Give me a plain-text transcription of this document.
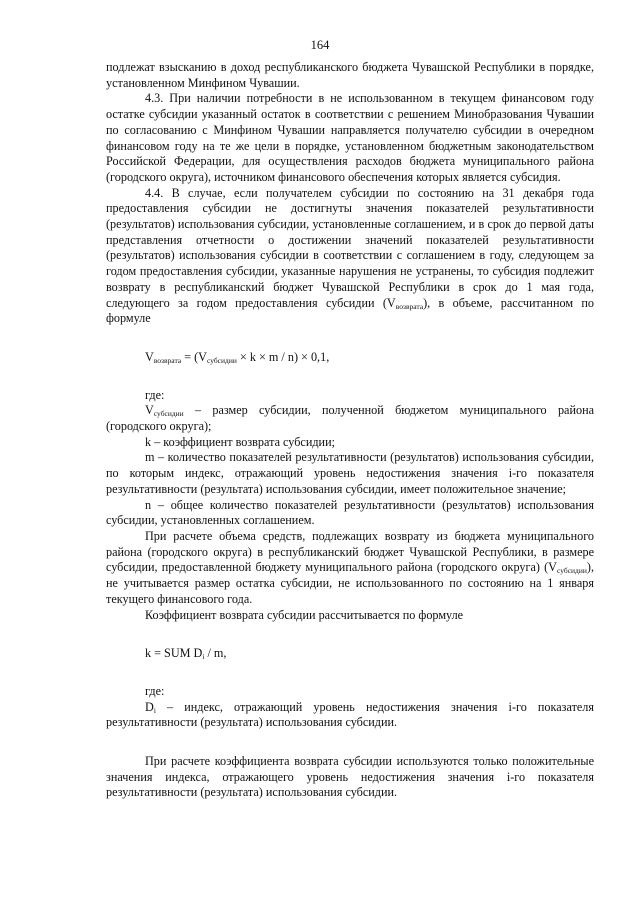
164

подлежат взысканию в доход республиканского бюджета Чувашской Республики в порядке, установленном Минфином Чувашии.

4.3. При наличии потребности в не использованном в текущем финансовом году остатке субсидии указанный остаток в соответствии с решением Минобразования Чувашии по согласованию с Минфином Чувашии направляется получателю субсидии в очередном финансовом году на те же цели в порядке, установленном бюджетным законодательством Российской Федерации, для осуществления расходов бюджета муниципального района (городского округа), источником финансового обеспечения которых является субсидия.

4.4. В случае, если получателем субсидии по состоянию на 31 декабря года предоставления субсидии не достигнуты значения показателей результативности (результатов) использования субсидии, установленные соглашением, и в срок до первой даты представления отчетности о достижении значений показателей результативности (результатов) использования субсидии в соответствии с соглашением в году, следующем за годом предоставления субсидии, указанные нарушения не устранены, то субсидия подлежит возврату в республиканский бюджет Чувашской Республики в срок до 1 мая года, следующего за годом предоставления субсидии $(V_{возврата})$, в объеме, рассчитанном по формуле

$V_{возврата} = (V_{субсидии} \times k \times m / n) \times 0,1$,

где:

$V_{субсидии}$ – размер субсидии, полученной бюджетом муниципального района (городского округа);

k – коэффициент возврата субсидии;

m – количество показателей результативности (результатов) использования субсидии, по которым индекс, отражающий уровень недостижения значения i-го показателя результативности (результата) использования субсидии, имеет положительное значение;

n – общее количество показателей результативности (результатов) использования субсидии, установленных соглашением.

При расчете объема средств, подлежащих возврату из бюджета муниципального района (городского округа) в республиканский бюджет Чувашской Республики, в размере субсидии, предоставленной бюджету муниципального района (городского округа) $(V_{субсидии})$, не учитывается размер остатка субсидии, не использованного по состоянию на 1 января текущего финансового года.

Коэффициент возврата субсидии рассчитывается по формуле

k = SUM $D_i$ / m,

где:

$D_i$ – индекс, отражающий уровень недостижения значения i-го показателя результативности (результата) использования субсидии.

При расчете коэффициента возврата субсидии используются только положительные значения индекса, отражающего уровень недостижения значения i-го показателя результативности (результата) использования субсидии.
